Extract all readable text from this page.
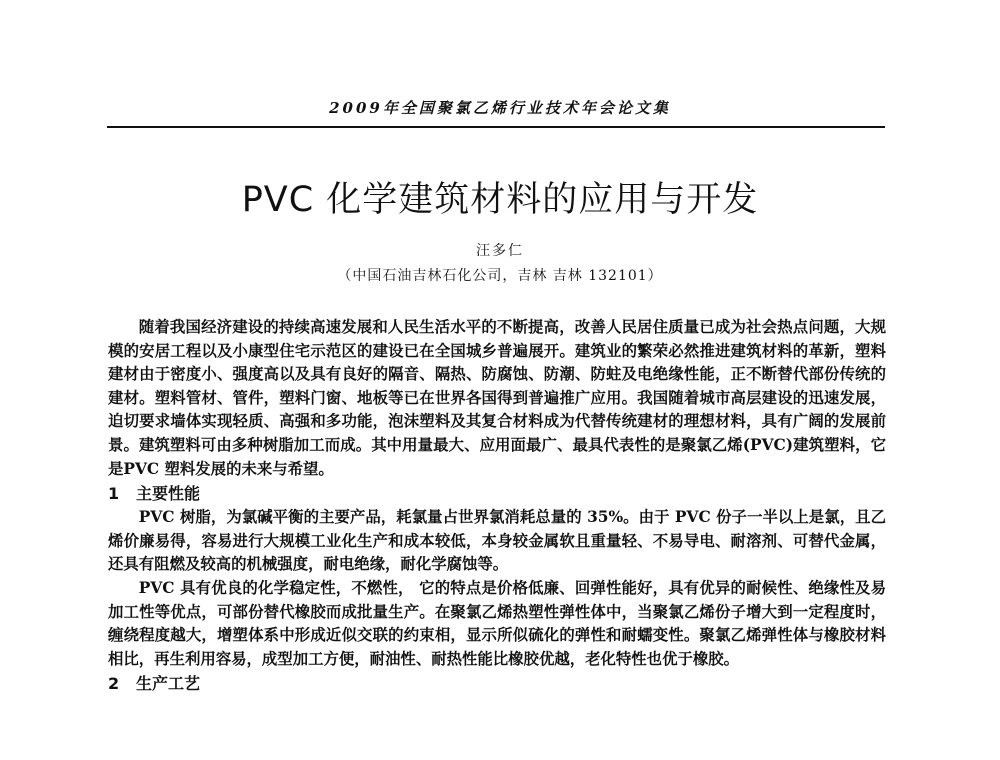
2009年全国聚氯乙烯行业技术年会论文集
PVC 化学建筑材料的应用与开发
汪多仁
（中国石油吉林石化公司，吉林 吉林 132101）

随着我国经济建设的持续高速发展和人民生活水平的不断提高，改善人民居住质量已成为社会热点问题，大规模的安居工程以及小康型住宅示范区的建设已在全国城乡普遍展开。建筑业的繁荣必然推进建筑材料的革新，塑料建材由于密度小、强度高以及具有良好的隔音、隔热、防腐蚀、防潮、防蛀及电绝缘性能，正不断替代部份传统的建材。塑料管材、管件，塑料门窗、地板等已在世界各国得到普遍推广应用。我国随着城市高层建设的迅速发展，迫切要求墙体实现轻质、高强和多功能，泡沫塑料及其复合材料成为代替传统建材的理想材料，具有广阔的发展前景。建筑塑料可由多种树脂加工而成。其中用量最大、应用面最广、最具代表性的是聚氯乙烯(PVC)建筑塑料，它是PVC 塑料发展的未来与希望。

1 主要性能

PVC 树脂，为氯碱平衡的主要产品，耗氯量占世界氯消耗总量的 35%。由于 PVC 份子一半以上是氯，且乙烯价廉易得，容易进行大规模工业化生产和成本较低，本身较金属软且重量轻、不易导电、耐溶剂、可替代金属，还具有阻燃及较高的机械强度，耐电绝缘，耐化学腐蚀等。

PVC 具有优良的化学稳定性，不燃性， 它的特点是价格低廉、回弹性能好，具有优异的耐候性、绝缘性及易加工性等优点，可部份替代橡胶而成批量生产。在聚氯乙烯热塑性弹性体中，当聚氯乙烯份子增大到一定程度时，缠绕程度越大，增塑体系中形成近似交联的约束相，显示所似硫化的弹性和耐蠕变性。聚氯乙烯弹性体与橡胶材料相比，再生利用容易，成型加工方便，耐油性、耐热性能比橡胶优越，老化特性也优于橡胶。

2 生产工艺
